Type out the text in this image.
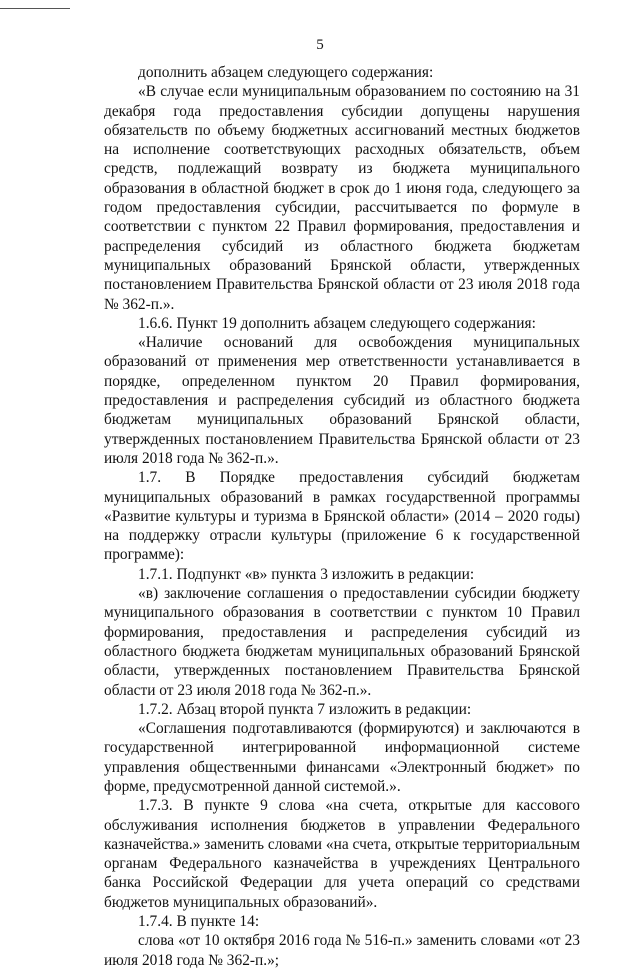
5

дополнить абзацем следующего содержания:

«В случае если муниципальным образованием по состоянию на 31 декабря года предоставления субсидии допущены нарушения обязательств по объему бюджетных ассигнований местных бюджетов на исполнение соответствующих расходных обязательств, объем средств, подлежащий возврату из бюджета муниципального образования в областной бюджет в срок до 1 июня года, следующего за годом предоставления субсидии, рассчитывается по формуле в соответствии с пунктом 22 Правил формирования, предоставления и распределения субсидий из областного бюджета бюджетам муниципальных образований Брянской области, утвержденных постановлением Правительства Брянской области от 23 июля 2018 года № 362-п.».

1.6.6. Пункт 19 дополнить абзацем следующего содержания:

«Наличие оснований для освобождения муниципальных образований от применения мер ответственности устанавливается в порядке, определенном пунктом 20 Правил формирования, предоставления и распределения субсидий из областного бюджета бюджетам муниципальных образований Брянской области, утвержденных постановлением Правительства Брянской области от 23 июля 2018 года № 362-п.».

1.7. В Порядке предоставления субсидий бюджетам муниципальных образований в рамках государственной программы «Развитие культуры и туризма в Брянской области» (2014 – 2020 годы) на поддержку отрасли культуры (приложение 6 к государственной программе):

1.7.1. Подпункт «в» пункта 3 изложить в редакции:

«в) заключение соглашения о предоставлении субсидии бюджету муниципального образования в соответствии с пунктом 10 Правил формирования, предоставления и распределения субсидий из областного бюджета бюджетам муниципальных образований Брянской области, утвержденных постановлением Правительства Брянской области от 23 июля 2018 года № 362-п.».

1.7.2. Абзац второй пункта 7 изложить в редакции:

«Соглашения подготавливаются (формируются) и заключаются в государственной интегрированной информационной системе управления общественными финансами «Электронный бюджет» по форме, предусмотренной данной системой.».

1.7.3. В пункте 9 слова «на счета, открытые для кассового обслуживания исполнения бюджетов в управлении Федерального казначейства.» заменить словами «на счета, открытые территориальным органам Федерального казначейства в учреждениях Центрального банка Российской Федерации для учета операций со средствами бюджетов муниципальных образований».

1.7.4. В пункте 14:

слова «от 10 октября 2016 года № 516-п.» заменить словами «от 23 июля 2018 года № 362-п.»;
